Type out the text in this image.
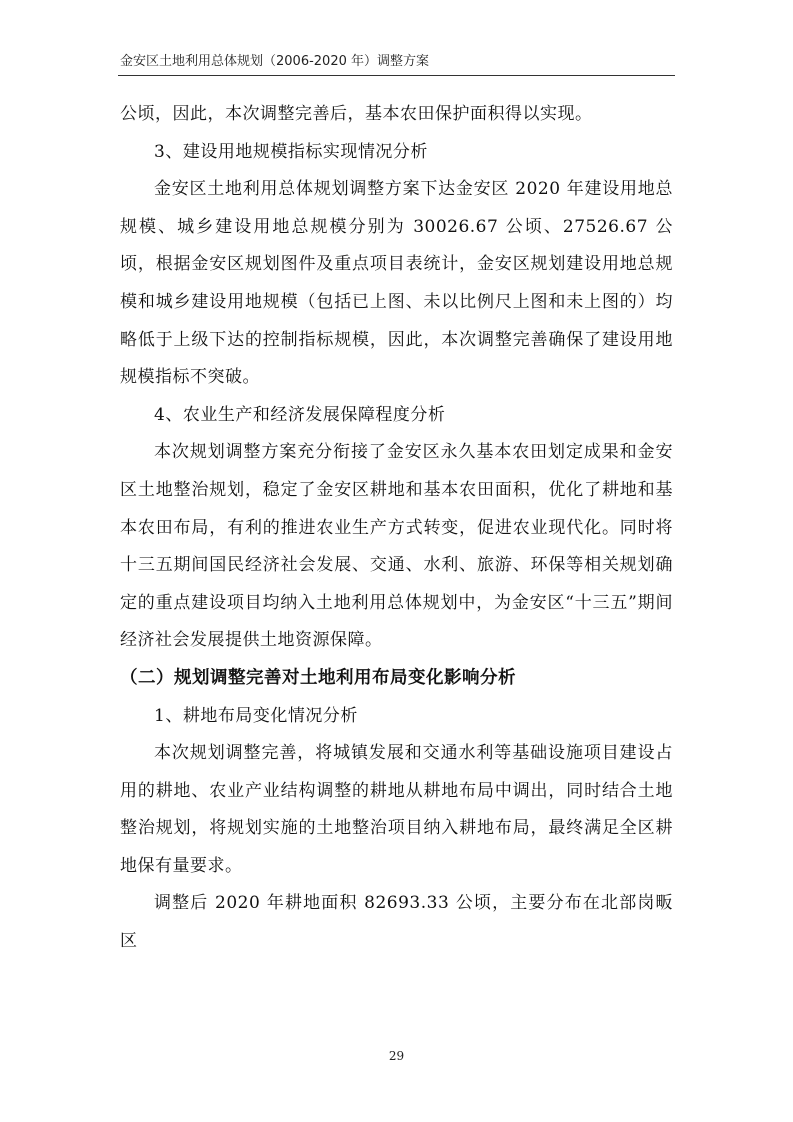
金安区土地利用总体规划（2006-2020 年）调整方案

公顷，因此，本次调整完善后，基本农田保护面积得以实现。

3、建设用地规模指标实现情况分析

金安区土地利用总体规划调整方案下达金安区 2020 年建设用地总规模、城乡建设用地总规模分别为 30026.67 公顷、27526.67 公顷，根据金安区规划图件及重点项目表统计，金安区规划建设用地总规模和城乡建设用地规模（包括已上图、未以比例尺上图和未上图的）均略低于上级下达的控制指标规模，因此，本次调整完善确保了建设用地规模指标不突破。

4、农业生产和经济发展保障程度分析

本次规划调整方案充分衔接了金安区永久基本农田划定成果和金安区土地整治规划，稳定了金安区耕地和基本农田面积，优化了耕地和基本农田布局，有利的推进农业生产方式转变，促进农业现代化。同时将十三五期间国民经济社会发展、交通、水利、旅游、环保等相关规划确定的重点建设项目均纳入土地利用总体规划中，为金安区“十三五”期间经济社会发展提供土地资源保障。

（二）规划调整完善对土地利用布局变化影响分析

1、耕地布局变化情况分析

本次规划调整完善，将城镇发展和交通水利等基础设施项目建设占用的耕地、农业产业结构调整的耕地从耕地布局中调出，同时结合土地整治规划，将规划实施的土地整治项目纳入耕地布局，最终满足全区耕地保有量要求。

调整后 2020 年耕地面积 82693.33 公顷，主要分布在北部岗畈区

29
